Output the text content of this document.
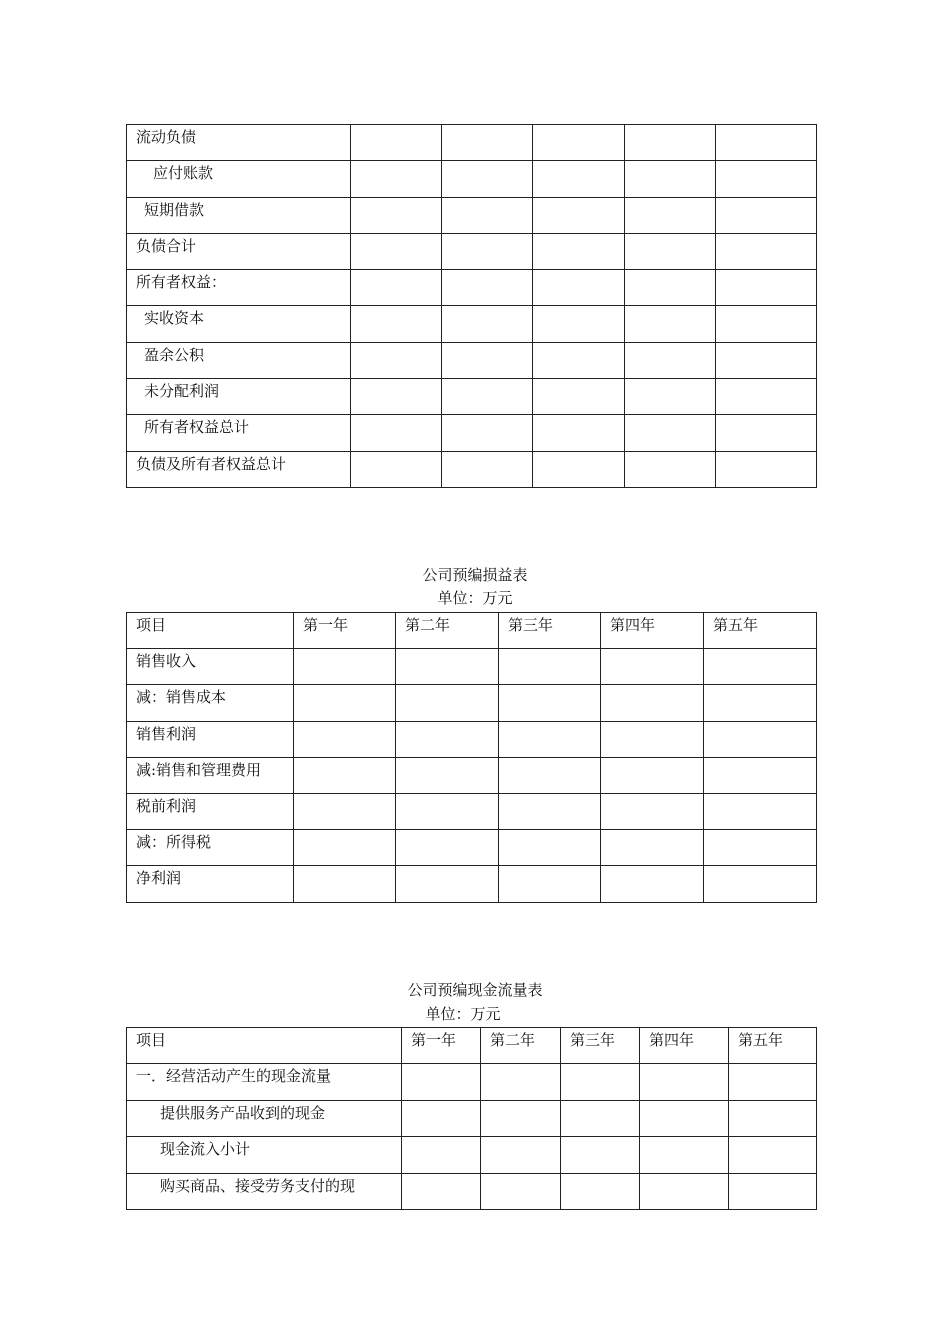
流动负债					
应付账款					
短期借款					
负债合计					
所有者权益：					
实收资本					
盈余公积					
未分配利润					
所有者权益总计					
负债及所有者权益总计					
公司预编损益表
单位：万元
项目	第一年	第二年	第三年	第四年	第五年
销售收入					
减：销售成本					
销售利润					
减:销售和管理费用					
税前利润					
减：所得税					
净利润					
公司预编现金流量表
单位：万元
项目	第一年	第二年	第三年	第四年	第五年
一．经营活动产生的现金流量					
提供服务产品收到的现金					
现金流入小计					
购买商品、接受劳务支付的现					
